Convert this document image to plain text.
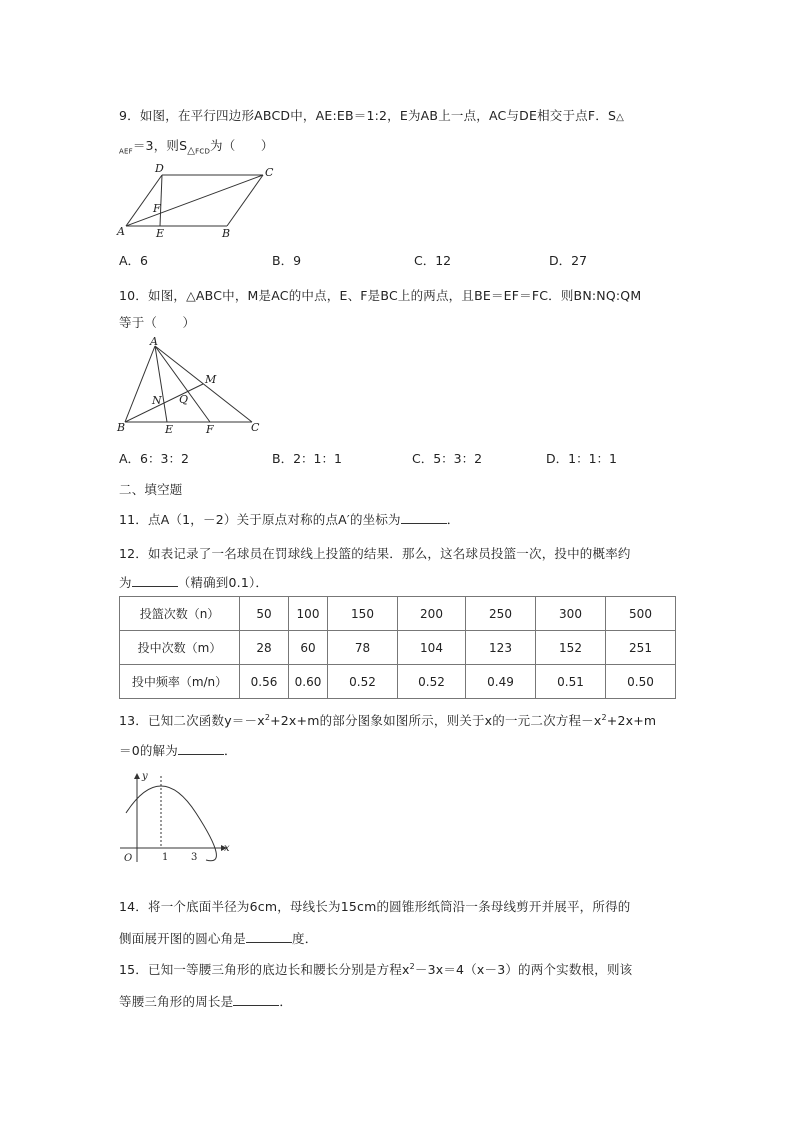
9．如图，在平行四边形ABCD中，AE:EB＝1:2，E为AB上一点，AC与DE相交于点F．S△
$_{AEF}$＝3，则$S_{\triangle FCD}$为（　　）
A	B
C
D
E
F
A．6	B．9	C．12	D．27
10．如图，△ABC中，M是AC的中点，E、F是BC上的两点，且BE＝EF＝FC．则BN:NQ:QM
等于（　　）
A
B	C
E	F
M
N Q
A．6：3：2	B．2：1：1	C．5：3：2	D．1：1：1
二、填空题
11．点A（1，－2）关于原点对称的点A′的坐标为	．
12．如表记录了一名球员在罚球线上投篮的结果．那么，这名球员投篮一次，投中的概率约
为	（精确到0.1）．
投篮次数（n）	50	100	150	200	250	300	500
投中次数（m）	28	60	78	104	123	152	251
投中频率（m/n）	0.56	0.60	0.52	0.52	0.49	0.51	0.50
13．已知二次函数$y=-x^2+2x+m$的部分图象如图所示，则关于x的一元二次方程$-x^2+2x+m$
＝0的解为	．
y
x
O	1 3
14．将一个底面半径为6cm，母线长为15cm的圆锥形纸筒沿一条母线剪开并展平，所得的
侧面展开图的圆心角是	度．
15．已知一等腰三角形的底边长和腰长分别是方程$x^2-3x=4(x-3)$的两个实数根，则该
等腰三角形的周长是	．
